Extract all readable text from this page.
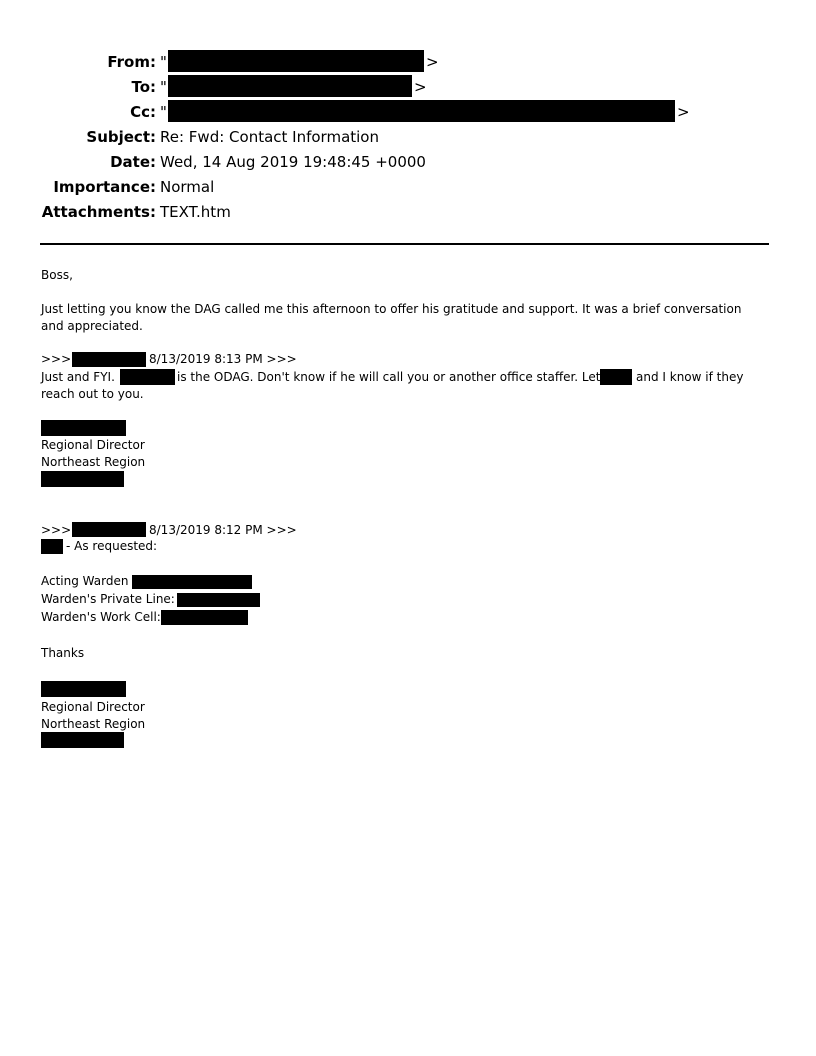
From: "	>
To: "	>
Cc: "	>
Subject: Re: Fwd: Contact Information
Date: Wed, 14 Aug 2019 19:48:45 +0000
Importance: Normal
Attachments: TEXT.htm
Boss,
Just letting you know the DAG called me this afternoon to offer his gratitude and support. It was a brief conversation
and appreciated.
>>>	8/13/2019 8:13 PM >>>
Just and FYI.	is the ODAG. Don't know if he will call you or another office staffer. Let	and I know if they
reach out to you.
Regional Director
Northeast Region
>>>	8/13/2019 8:12 PM >>>
- As requested:
Acting Warden
Warden's Private Line:
Warden's Work Cell:
Thanks
Regional Director
Northeast Region
